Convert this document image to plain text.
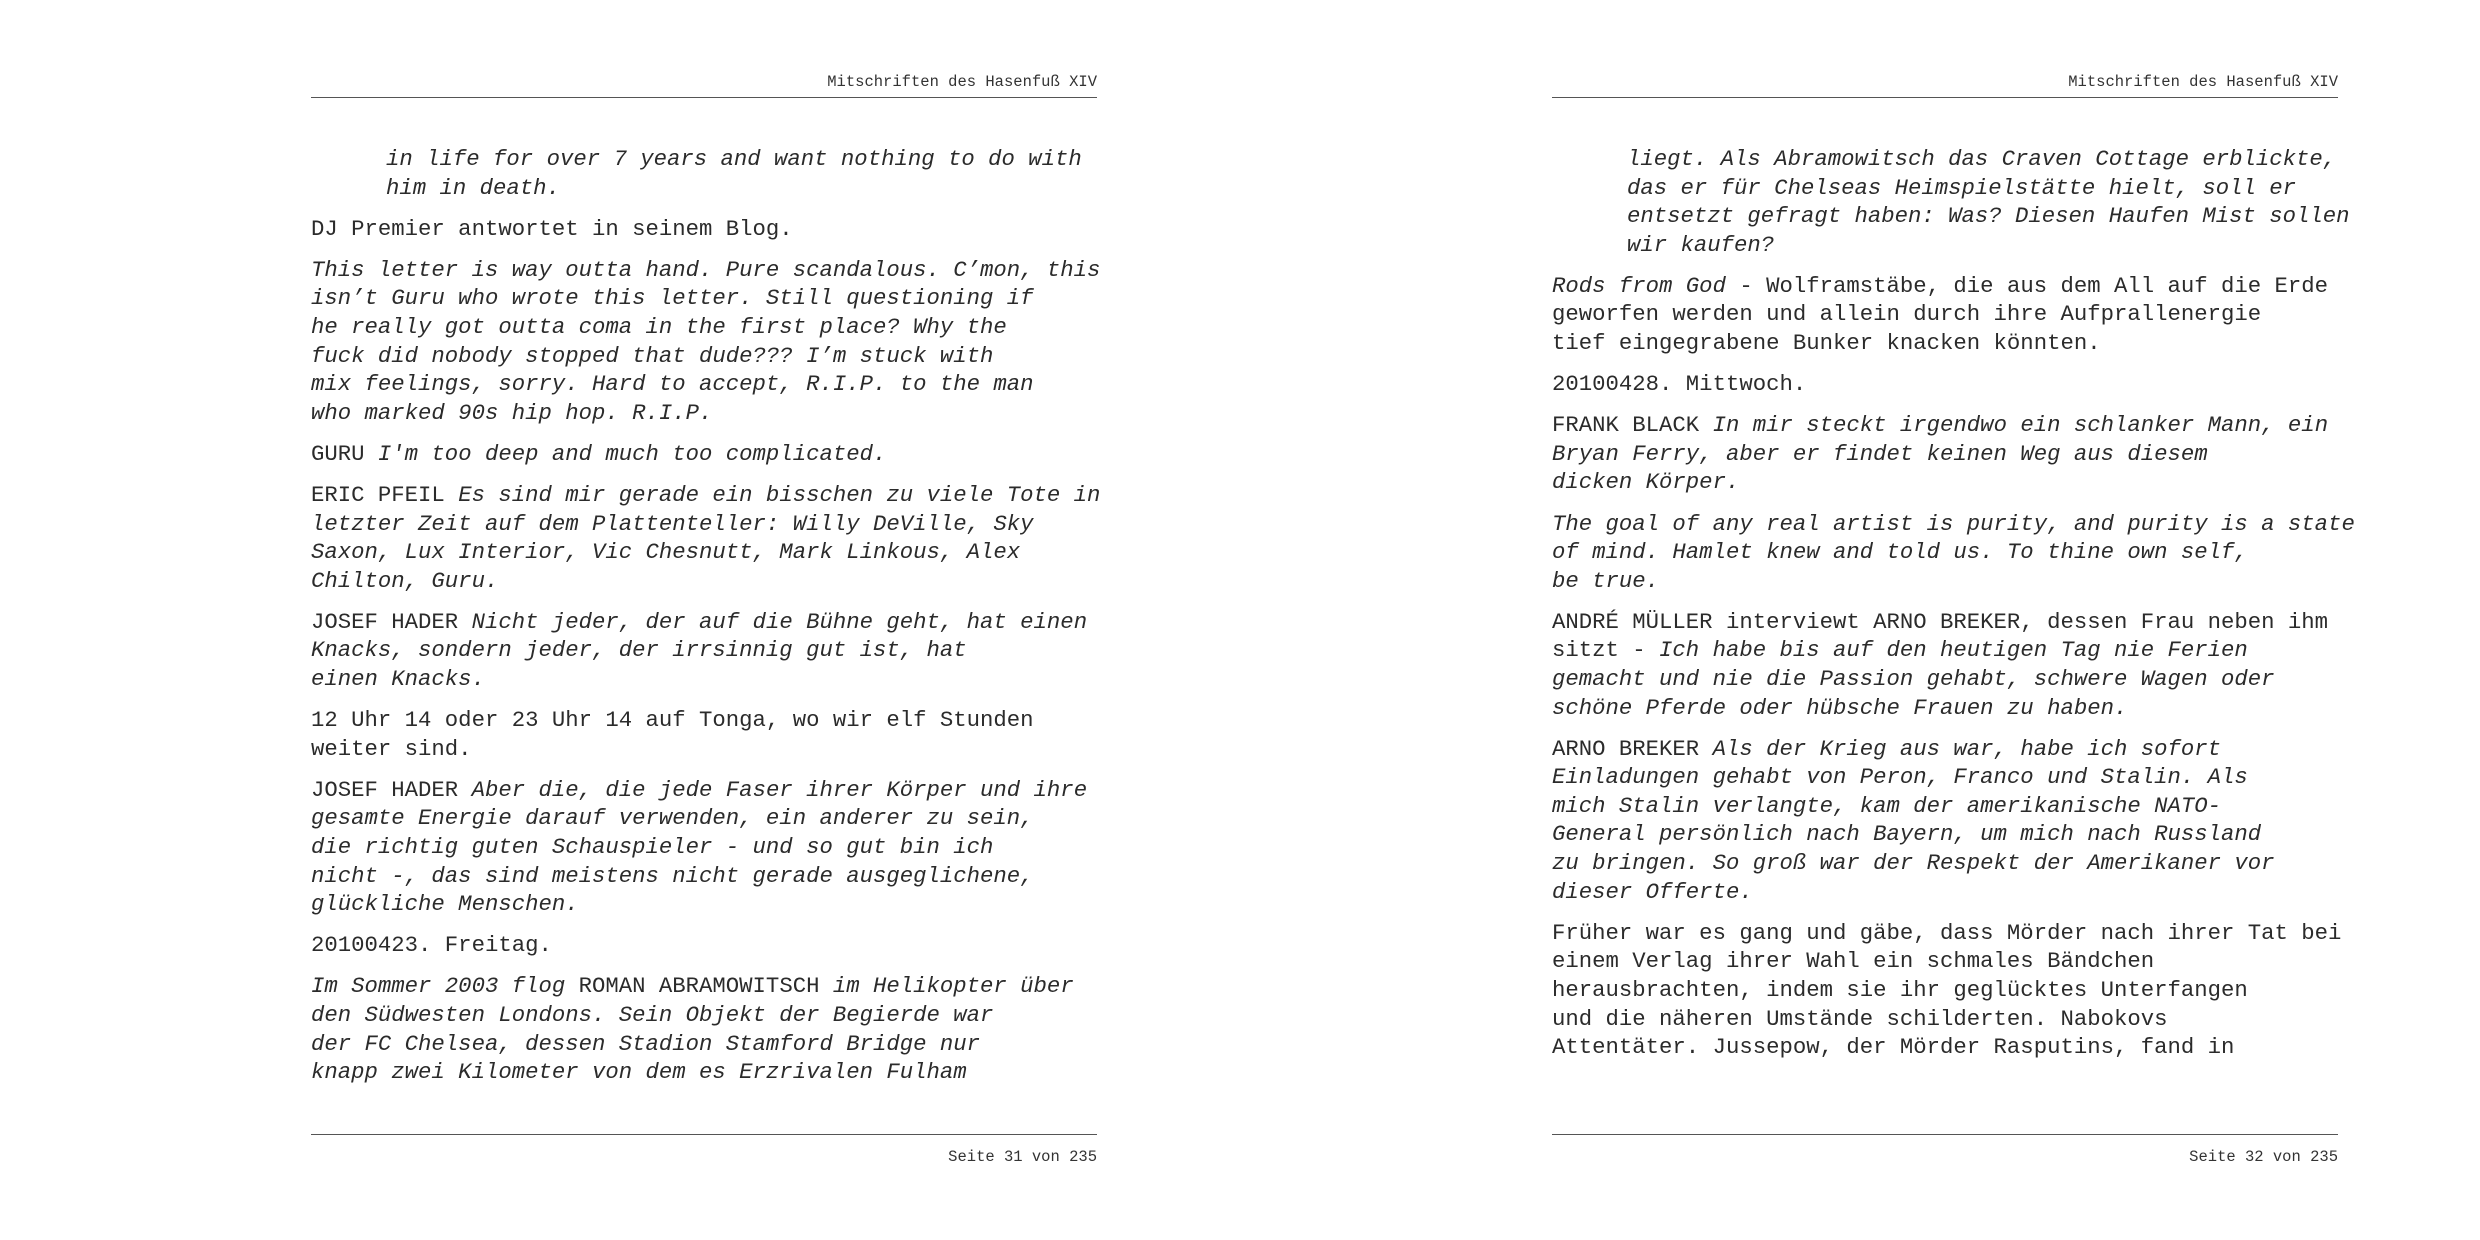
Mitschriften des Hasenfuß XIV

in life for over 7 years and want nothing to do with
him in death.

DJ Premier antwortet in seinem Blog.

This letter is way outta hand. Pure scandalous. C’mon, this
isn’t Guru who wrote this letter. Still questioning if
he really got outta coma in the first place? Why the
fuck did nobody stopped that dude??? I’m stuck with
mix feelings, sorry. Hard to accept, R.I.P. to the man
who marked 90s hip hop. R.I.P.

GURU I'm too deep and much too complicated.

ERIC PFEIL Es sind mir gerade ein bisschen zu viele Tote in
letzter Zeit auf dem Plattenteller: Willy DeVille, Sky
Saxon, Lux Interior, Vic Chesnutt, Mark Linkous, Alex
Chilton, Guru.

JOSEF HADER Nicht jeder, der auf die Bühne geht, hat einen
Knacks, sondern jeder, der irrsinnig gut ist, hat
einen Knacks.

12 Uhr 14 oder 23 Uhr 14 auf Tonga, wo wir elf Stunden
weiter sind.

JOSEF HADER Aber die, die jede Faser ihrer Körper und ihre
gesamte Energie darauf verwenden, ein anderer zu sein,
die richtig guten Schauspieler - und so gut bin ich
nicht -, das sind meistens nicht gerade ausgeglichene,
glückliche Menschen.

20100423. Freitag.

Im Sommer 2003 flog ROMAN ABRAMOWITSCH im Helikopter über
den Südwesten Londons. Sein Objekt der Begierde war
der FC Chelsea, dessen Stadion Stamford Bridge nur
knapp zwei Kilometer von dem es Erzrivalen Fulham

Seite 31 von 235
Mitschriften des Hasenfuß XIV

liegt. Als Abramowitsch das Craven Cottage erblickte,
das er für Chelseas Heimspielstätte hielt, soll er
entsetzt gefragt haben: Was? Diesen Haufen Mist sollen
wir kaufen?

Rods from God - Wolframstäbe, die aus dem All auf die Erde
geworfen werden und allein durch ihre Aufprallenergie
tief eingegrabene Bunker knacken könnten.

20100428. Mittwoch.

FRANK BLACK In mir steckt irgendwo ein schlanker Mann, ein
Bryan Ferry, aber er findet keinen Weg aus diesem
dicken Körper.

The goal of any real artist is purity, and purity is a state
of mind. Hamlet knew and told us. To thine own self,
be true.

ANDRÉ MÜLLER interviewt ARNO BREKER, dessen Frau neben ihm
sitzt - Ich habe bis auf den heutigen Tag nie Ferien
gemacht und nie die Passion gehabt, schwere Wagen oder
schöne Pferde oder hübsche Frauen zu haben.

ARNO BREKER Als der Krieg aus war, habe ich sofort
Einladungen gehabt von Peron, Franco und Stalin. Als
mich Stalin verlangte, kam der amerikanische NATO-
General persönlich nach Bayern, um mich nach Russland
zu bringen. So groß war der Respekt der Amerikaner vor
dieser Offerte.

Früher war es gang und gäbe, dass Mörder nach ihrer Tat bei
einem Verlag ihrer Wahl ein schmales Bändchen
herausbrachten, indem sie ihr geglücktes Unterfangen
und die näheren Umstände schilderten. Nabokovs
Attentäter. Jussepow, der Mörder Rasputins, fand in

Seite 32 von 235
